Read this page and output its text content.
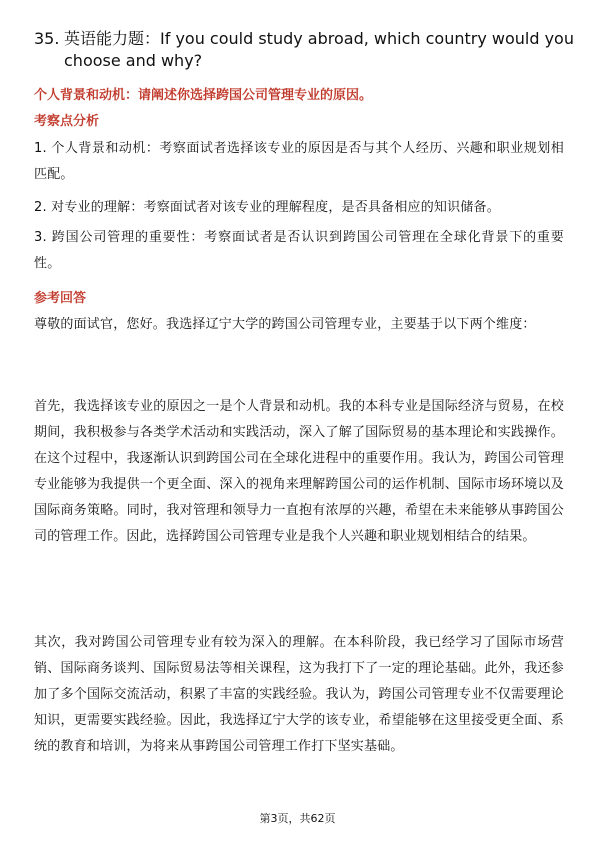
35. 英语能力题：If you could study abroad, which country would you
choose and why?
个人背景和动机：请阐述你选择跨国公司管理专业的原因。
考察点分析
1. 个人背景和动机：考察面试者选择该专业的原因是否与其个人经历、兴趣和职业规划相匹配。
2. 对专业的理解：考察面试者对该专业的理解程度，是否具备相应的知识储备。
3. 跨国公司管理的重要性：考察面试者是否认识到跨国公司管理在全球化背景下的重要性。
参考回答
尊敬的面试官，您好。我选择辽宁大学的跨国公司管理专业，主要基于以下两个维度：
首先，我选择该专业的原因之一是个人背景和动机。我的本科专业是国际经济与贸易，在校期间，我积极参与各类学术活动和实践活动，深入了解了国际贸易的基本理论和实践操作。在这个过程中，我逐渐认识到跨国公司在全球化进程中的重要作用。我认为，跨国公司管理专业能够为我提供一个更全面、深入的视角来理解跨国公司的运作机制、国际市场环境以及国际商务策略。同时，我对管理和领导力一直抱有浓厚的兴趣，希望在未来能够从事跨国公司的管理工作。因此，选择跨国公司管理专业是我个人兴趣和职业规划相结合的结果。
其次，我对跨国公司管理专业有较为深入的理解。在本科阶段，我已经学习了国际市场营销、国际商务谈判、国际贸易法等相关课程，这为我打下了一定的理论基础。此外，我还参加了多个国际交流活动，积累了丰富的实践经验。我认为，跨国公司管理专业不仅需要理论知识，更需要实践经验。因此，我选择辽宁大学的该专业，希望能够在这里接受更全面、系统的教育和培训，为将来从事跨国公司管理工作打下坚实基础。
第3页，共62页
